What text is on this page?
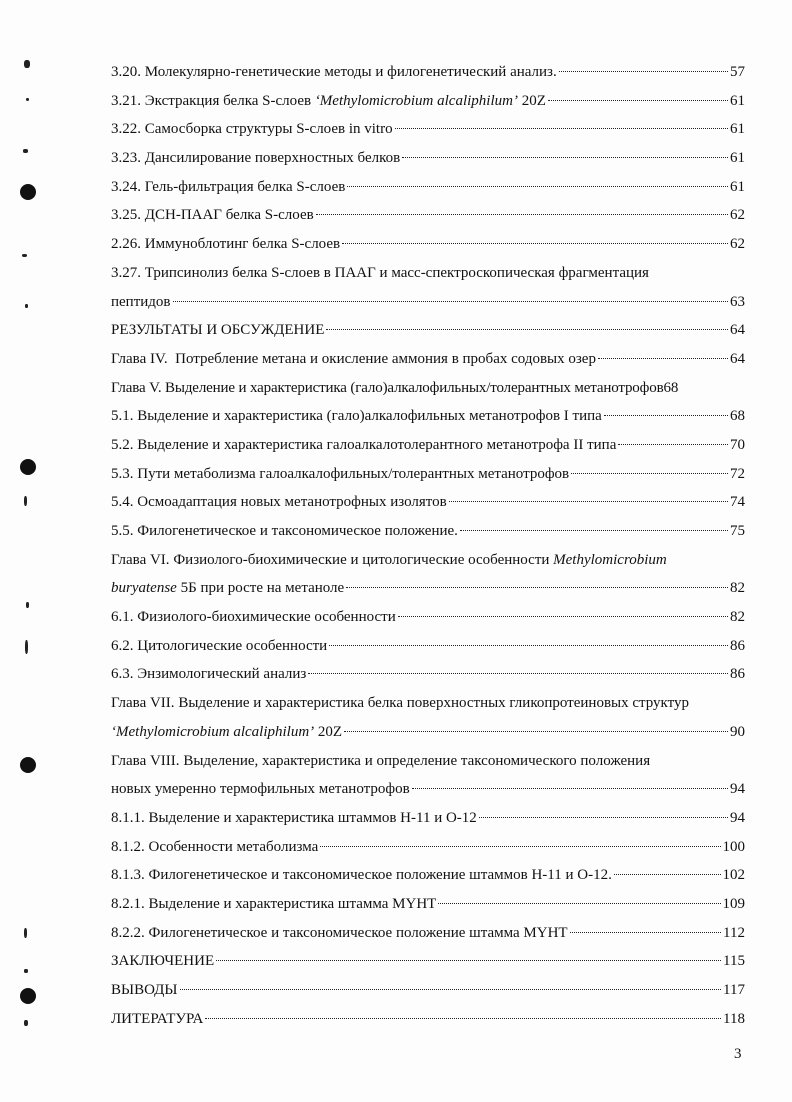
3.20. Молекулярно-генетические методы и филогенетический анализ.	57
3.21. Экстракция белка S-слоев ‘Methylomicrobium alcaliphilum’ 20Z	61
3.22. Самосборка структуры S-слоев in vitro	61
3.23. Дансилирование поверхностных белков	61
3.24. Гель-фильтрация белка S-слоев	61
3.25. ДСН-ПААГ белка S-слоев	62
2.26. Иммуноблотинг белка S-слоев	62
3.27. Трипсинолиз белка S-слоев в ПААГ и масс-спектроскопическая фрагментация
пептидов	63
РЕЗУЛЬТАТЫ И ОБСУЖДЕНИЕ	64
Глава IV. Потребление метана и окисление аммония в пробах содовых озер	64
Глава V. Выделение и характеристика (гало)алкалофильных/толерантных метанотрофов 68
5.1. Выделение и характеристика (гало)алкалофильных метанотрофов I типа	68
5.2. Выделение и характеристика галоалкалотолерантного метанотрофа II типа	70
5.3. Пути метаболизма галоалкалофильных/толерантных метанотрофов	72
5.4. Осмоадаптация новых метанотрофных изолятов	74
5.5. Филогенетическое и таксономическое положение.	75
Глава VI. Физиолого-биохимические и цитологические особенности Methylomicrobium
buryatense 5Б при росте на метаноле	82
6.1. Физиолого-биохимические особенности	82
6.2. Цитологические особенности	86
6.3. Энзимологический анализ	86
Глава VII. Выделение и характеристика белка поверхностных гликопротеиновых структур
‘Methylomicrobium alcaliphilum’ 20Z	90
Глава VIII. Выделение, характеристика и определение таксономического положения
новых умеренно термофильных метанотрофов	94
8.1.1. Выделение и характеристика штаммов Н-11 и О-12	94
8.1.2. Особенности метаболизма	100
8.1.3. Филогенетическое и таксономическое положение штаммов Н-11 и О-12.	102
8.2.1. Выделение и характеристика штамма MYHT	109
8.2.2. Филогенетическое и таксономическое положение штамма MYHT	112
ЗАКЛЮЧЕНИЕ	115
ВЫВОДЫ	117
ЛИТЕРАТУРА	118
3
